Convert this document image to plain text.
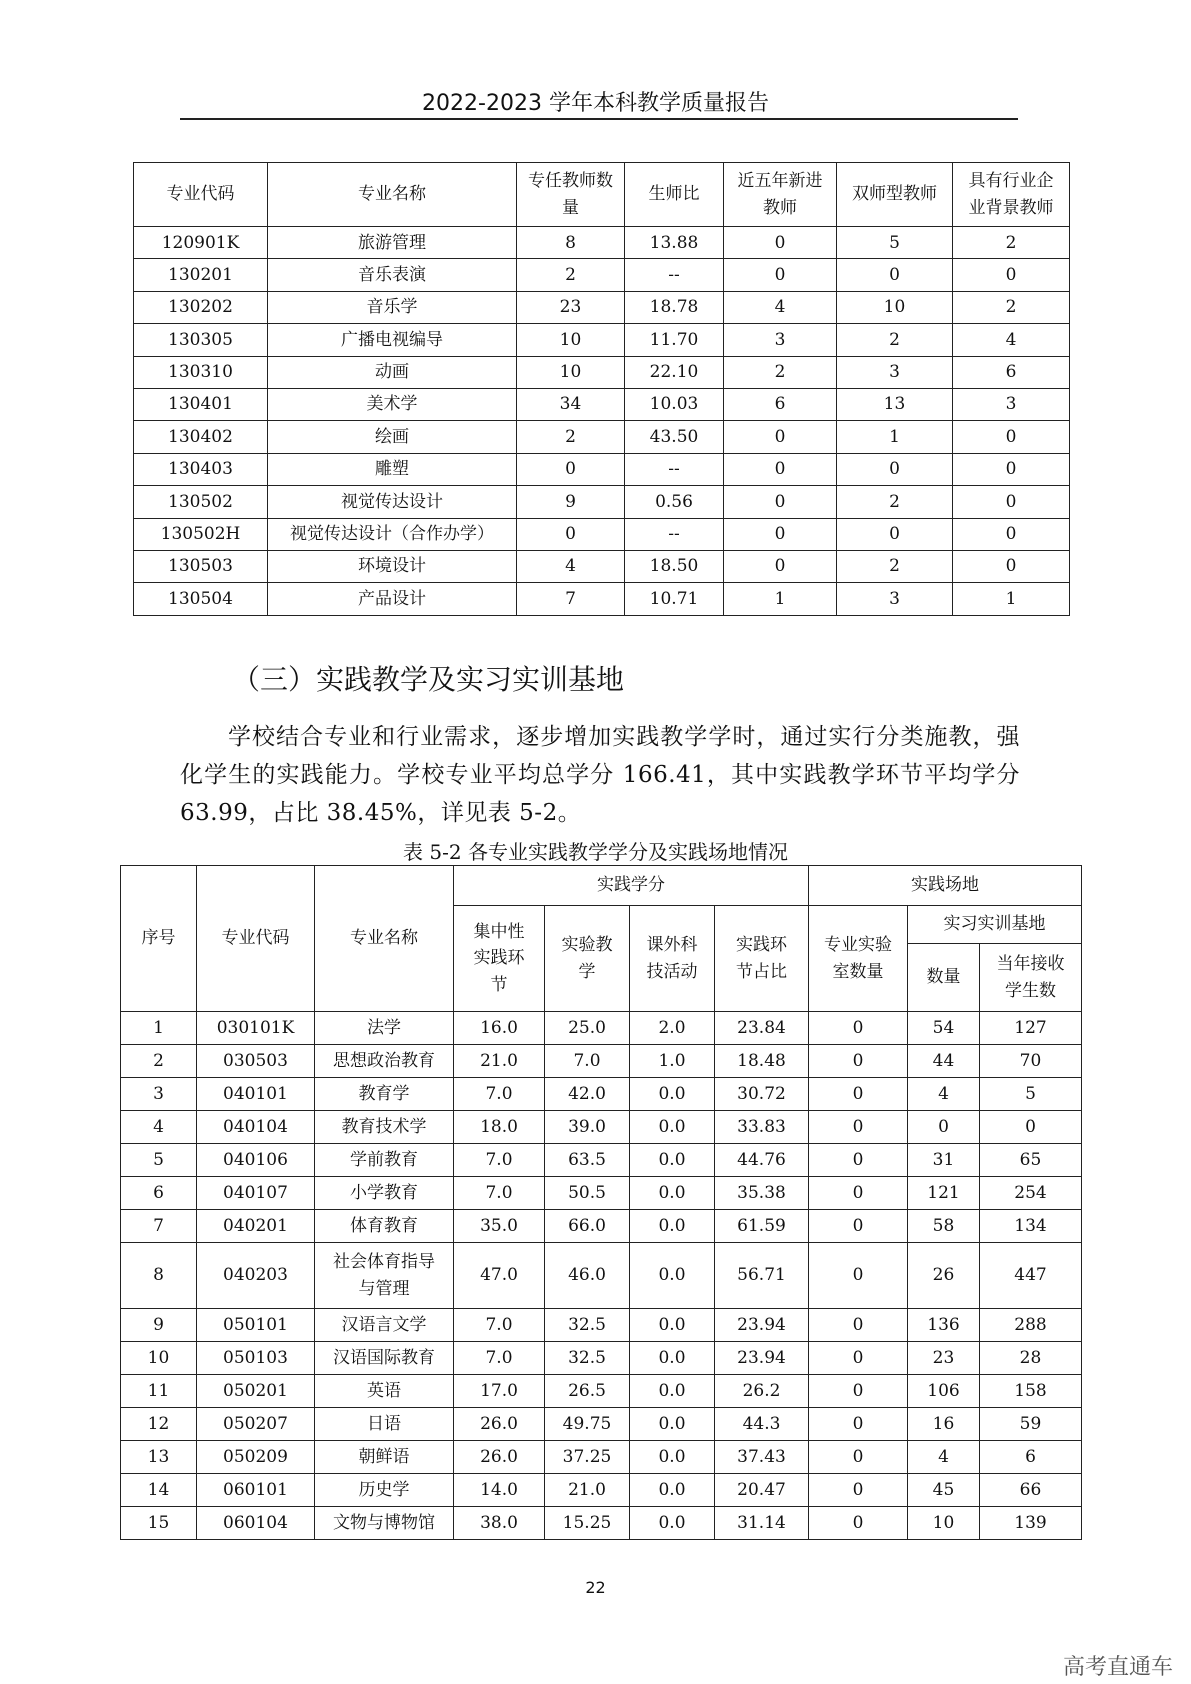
2022-2023 学年本科教学质量报告
专业代码	专业名称	专任教师数量	生师比	近五年新进教师	双师型教师	具有行业企业背景教师
120901K	旅游管理	8	13.88	0	5	2
130201	音乐表演	2	--	0	0	0
130202	音乐学	23	18.78	4	10	2
130305	广播电视编导	10	11.70	3	2	4
130310	动画	10	22.10	2	3	6
130401	美术学	34	10.03	6	13	3
130402	绘画	2	43.50	0	1	0
130403	雕塑	0	--	0	0	0
130502	视觉传达设计	9	0.56	0	2	0
130502H	视觉传达设计（合作办学）	0	--	0	0	0
130503	环境设计	4	18.50	0	2	0
130504	产品设计	7	10.71	1	3	1
（三）实践教学及实习实训基地
学校结合专业和行业需求，逐步增加实践教学学时，通过实行分类施教，强化学生的实践能力。学校专业平均总学分 166.41，其中实践教学环节平均学分 63.99，占比 38.45%，详见表 5-2。
表 5-2 各专业实践教学学分及实践场地情况
序号	专业代码	专业名称	实践学分				实践场地		
			集中性实践环节	实验教学	课外科技活动	实践环节占比	专业实验室数量	实习实训基地	
								数量	当年接收学生数
1	030101K	法学	16.0	25.0	2.0	23.84	0	54	127
2	030503	思想政治教育	21.0	7.0	1.0	18.48	0	44	70
3	040101	教育学	7.0	42.0	0.0	30.72	0	4	5
4	040104	教育技术学	18.0	39.0	0.0	33.83	0	0	0
5	040106	学前教育	7.0	63.5	0.0	44.76	0	31	65
6	040107	小学教育	7.0	50.5	0.0	35.38	0	121	254
7	040201	体育教育	35.0	66.0	0.0	61.59	0	58	134
8	040203	社会体育指导与管理	47.0	46.0	0.0	56.71	0	26	447
9	050101	汉语言文学	7.0	32.5	0.0	23.94	0	136	288
10	050103	汉语国际教育	7.0	32.5	0.0	23.94	0	23	28
11	050201	英语	17.0	26.5	0.0	26.2	0	106	158
12	050207	日语	26.0	49.75	0.0	44.3	0	16	59
13	050209	朝鲜语	26.0	37.25	0.0	37.43	0	4	6
14	060101	历史学	14.0	21.0	0.0	20.47	0	45	66
15	060104	文物与博物馆	38.0	15.25	0.0	31.14	0	10	139
22
高考直通车
